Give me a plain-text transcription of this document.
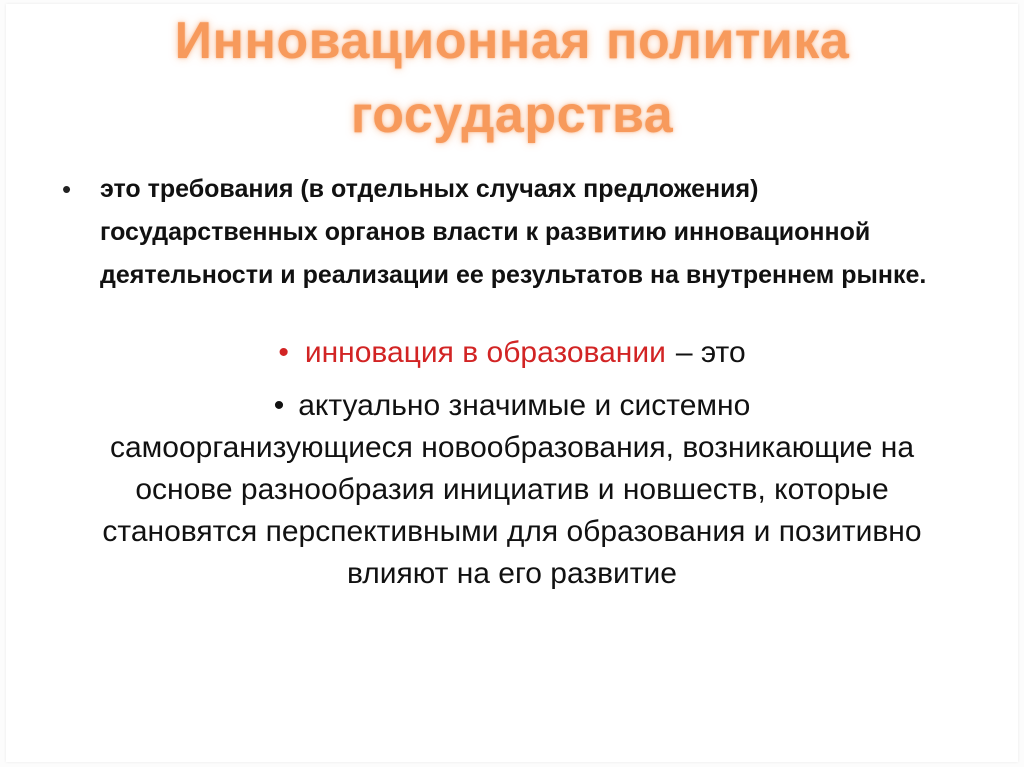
Инновационная политика
государства
• это требования (в отдельных случаях предложения) государственных органов власти к развитию инновационной деятельности и реализации ее результатов на внутреннем рынке.
• инновация в образовании – это
• актуально значимые и системно
самоорганизующиеся новообразования, возникающие на основе разнообразия инициатив и новшеств, которые становятся перспективными для образования и позитивно влияют на его развитие
